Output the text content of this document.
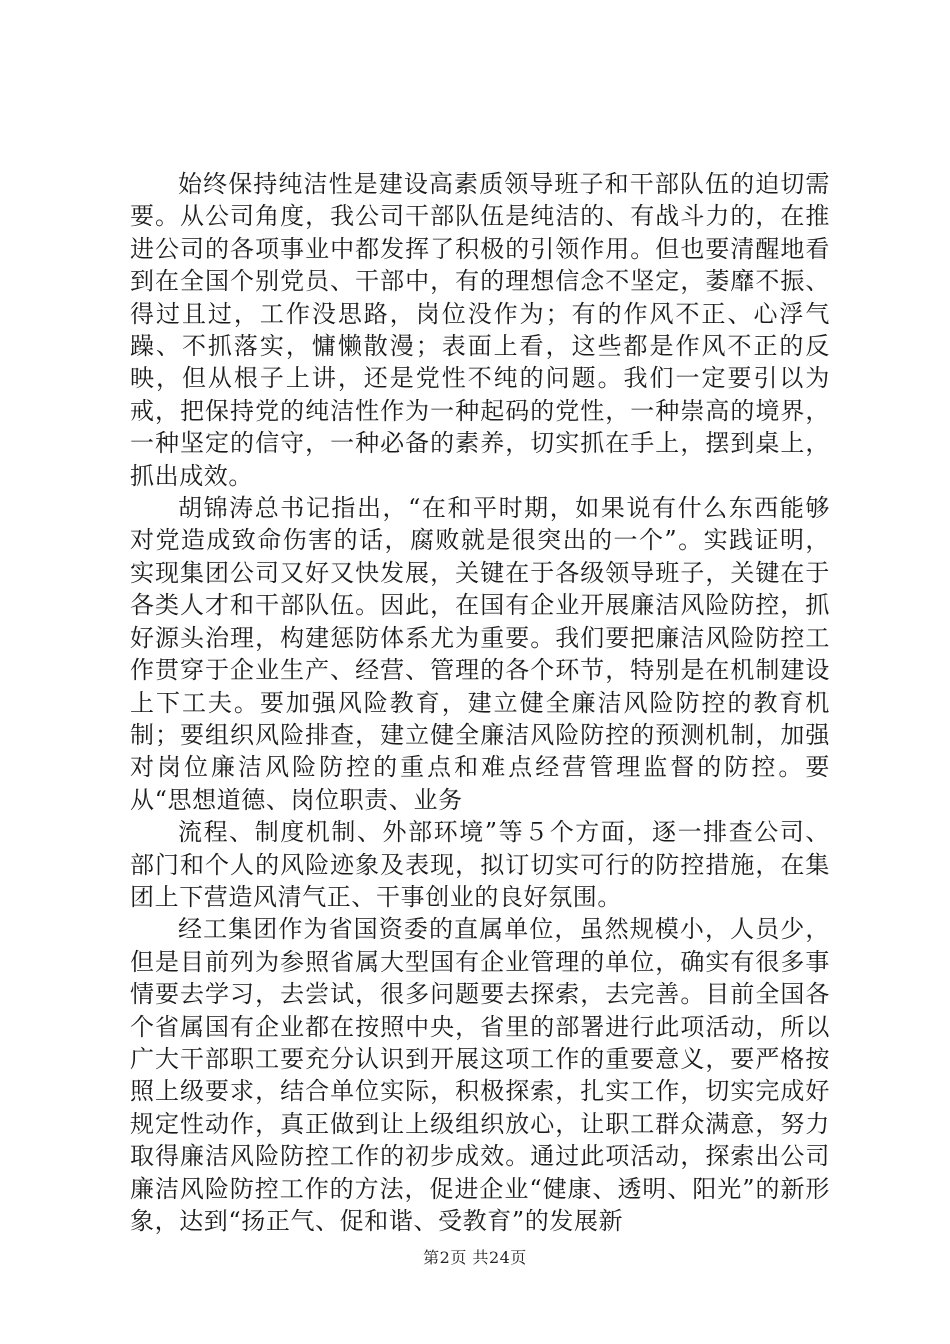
始终保持纯洁性是建设高素质领导班子和干部队伍的迫切需要。从公司角度，我公司干部队伍是纯洁的、有战斗力的，在推进公司的各项事业中都发挥了积极的引领作用。但也要清醒地看到在全国个别党员、干部中，有的理想信念不坚定，萎靡不振、得过且过，工作没思路，岗位没作为；有的作风不正、心浮气躁、不抓落实，慵懒散漫；表面上看，这些都是作风不正的反映，但从根子上讲，还是党性不纯的问题。我们一定要引以为戒，把保持党的纯洁性作为一种起码的党性，一种崇高的境界，一种坚定的信守，一种必备的素养，切实抓在手上，摆到桌上，抓出成效。

胡锦涛总书记指出，“在和平时期，如果说有什么东西能够对党造成致命伤害的话，腐败就是很突出的一个”。实践证明，实现集团公司又好又快发展，关键在于各级领导班子，关键在于各类人才和干部队伍。因此，在国有企业开展廉洁风险防控，抓好源头治理，构建惩防体系尤为重要。我们要把廉洁风险防控工作贯穿于企业生产、经营、管理的各个环节，特别是在机制建设上下工夫。要加强风险教育，建立健全廉洁风险防控的教育机制；要组织风险排查，建立健全廉洁风险防控的预测机制，加强对岗位廉洁风险防控的重点和难点经营管理监督的防控。要从“思想道德、岗位职责、业务

流程、制度机制、外部环境”等５个方面，逐一排查公司、部门和个人的风险迹象及表现，拟订切实可行的防控措施，在集团上下营造风清气正、干事创业的良好氛围。

经工集团作为省国资委的直属单位，虽然规模小，人员少，但是目前列为参照省属大型国有企业管理的单位，确实有很多事情要去学习，去尝试，很多问题要去探索，去完善。目前全国各个省属国有企业都在按照中央，省里的部署进行此项活动，所以广大干部职工要充分认识到开展这项工作的重要意义，要严格按照上级要求，结合单位实际，积极探索，扎实工作，切实完成好规定性动作，真正做到让上级组织放心，让职工群众满意，努力取得廉洁风险防控工作的初步成效。通过此项活动，探索出公司廉洁风险防控工作的方法，促进企业“健康、透明、阳光”的新形象，达到“扬正气、促和谐、受教育”的发展新

第2页 共24页
